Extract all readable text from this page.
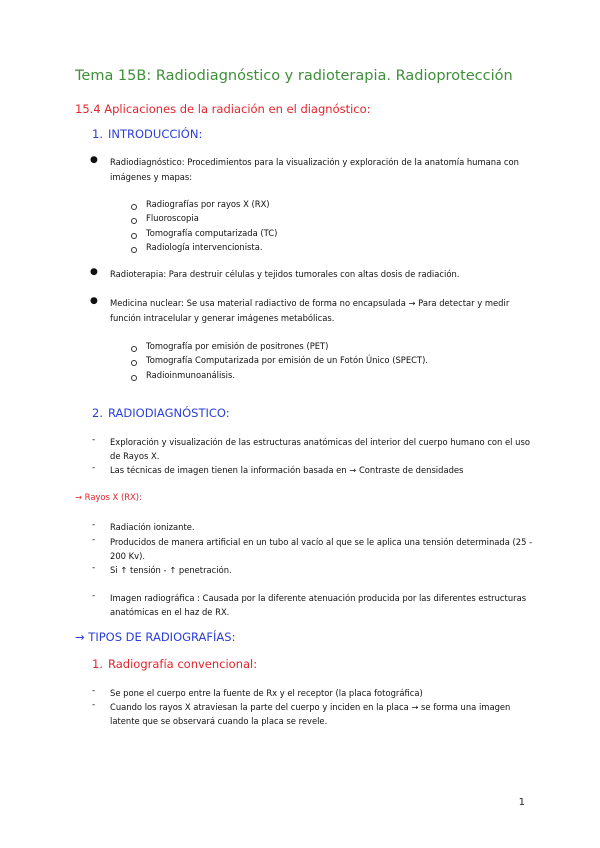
Tema 15B: Radiodiagnóstico y radioterapia. Radioprotección
15.4 Aplicaciones de la radiación en el diagnóstico:
1. INTRODUCCIÓN:
● Radiodiagnóstico: Procedimientos para la visualización y exploración de la anatomía humana con
imágenes y mapas:
Radiografías por rayos X (RX)
Fluoroscopia
Tomografía computarizada (TC)
Radiología intervencionista.
● Radioterapia: Para destruir células y tejidos tumorales con altas dosis de radiación.
● Medicina nuclear: Se usa material radiactivo de forma no encapsulada → Para detectar y medir
función intracelular y generar imágenes metabólicas.
Tomografía por emisión de positrones (PET)
Tomografía Computarizada por emisión de un Fotón Único (SPECT).
Radioinmunoanálisis.
2. RADIODIAGNÓSTICO:
- Exploración y visualización de las estructuras anatómicas del interior del cuerpo humano con el uso
de Rayos X.
- Las técnicas de imagen tienen la información basada en → Contraste de densidades
→ Rayos X (RX):
- Radiación ionizante.
- Producidos de manera artificial en un tubo al vacío al que se le aplica una tensión determinada (25 -
200 Kv).
- Si ↑ tensión - ↑ penetración.
- Imagen radiográfica : Causada por la diferente atenuación producida por las diferentes estructuras
anatómicas en el haz de RX.
→ TIPOS DE RADIOGRAFÍAS:
1. Radiografía convencional:
- Se pone el cuerpo entre la fuente de Rx y el receptor (la placa fotográfica)
- Cuando los rayos X atraviesan la parte del cuerpo y inciden en la placa → se forma una imagen
latente que se observará cuando la placa se revele.
1
